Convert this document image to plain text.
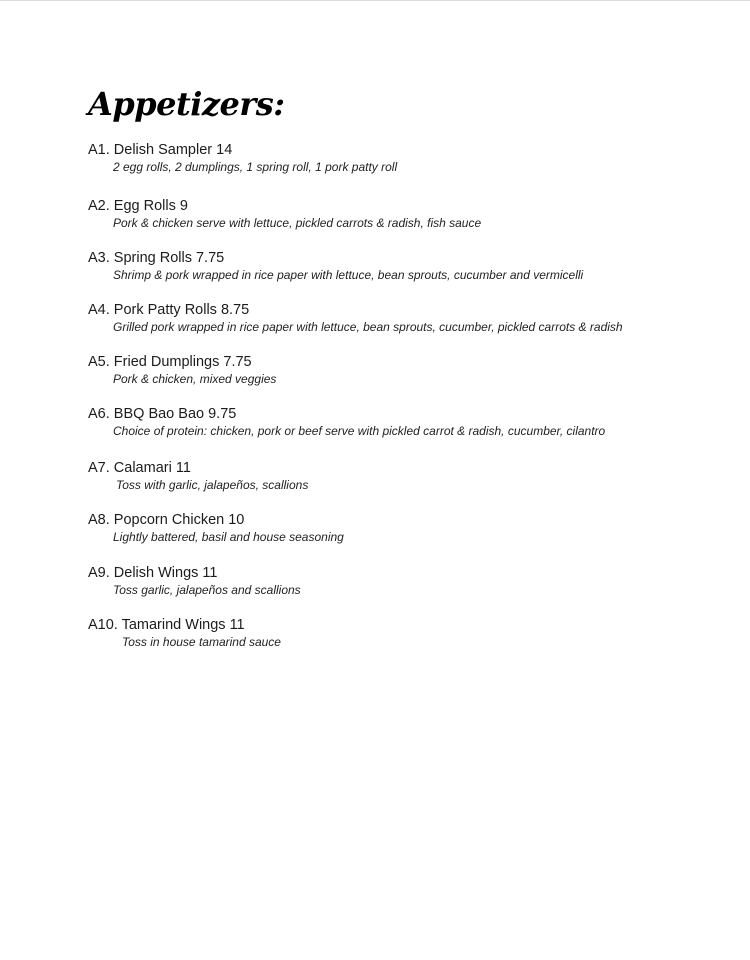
Appetizers:
A1. Delish Sampler 14
2 egg rolls, 2 dumplings, 1 spring roll, 1 pork patty roll
A2. Egg Rolls 9
Pork & chicken serve with lettuce, pickled carrots & radish, fish sauce
A3. Spring Rolls 7.75
Shrimp & pork wrapped in rice paper with lettuce, bean sprouts, cucumber and vermicelli
A4. Pork Patty Rolls 8.75
Grilled pork wrapped in rice paper with lettuce, bean sprouts, cucumber, pickled carrots & radish
A5. Fried Dumplings 7.75
Pork & chicken, mixed veggies
A6. BBQ Bao Bao 9.75
Choice of protein: chicken, pork or beef serve with pickled carrot & radish, cucumber, cilantro
A7. Calamari 11
Toss with garlic, jalapeños, scallions
A8. Popcorn Chicken 10
Lightly battered, basil and house seasoning
A9. Delish Wings 11
Toss garlic, jalapeños and scallions
A10. Tamarind Wings 11
Toss in house tamarind sauce
